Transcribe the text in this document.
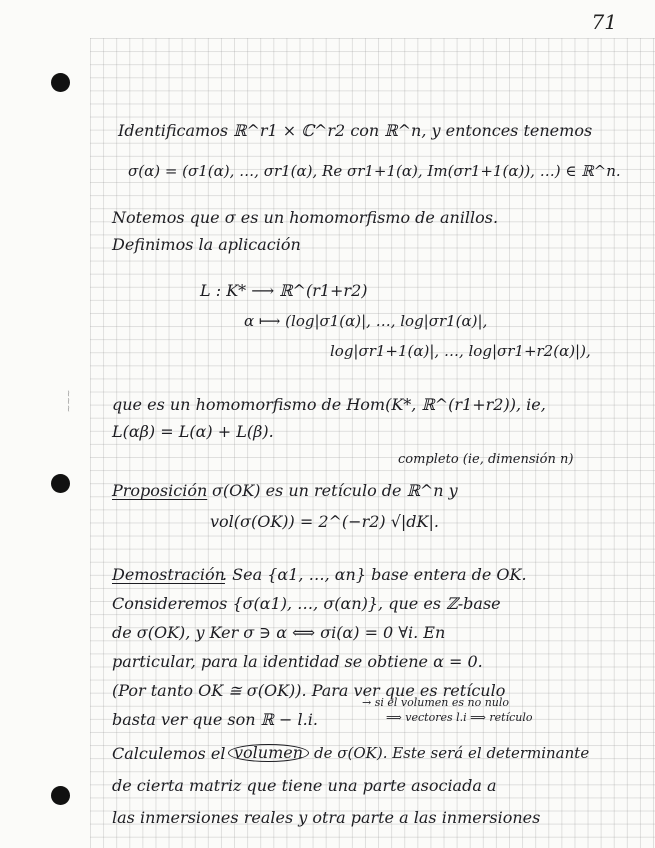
~~~
71
Identificamos ℝ^r1 × ℂ^r2 con ℝ^n, y entonces tenemos
σ(α) = (σ1(α), …, σr1(α), Re σr1+1(α), Im(σr1+1(α)), …) ∈ ℝ^n.
Notemos que σ es un homomorfismo de anillos.
Definimos la aplicación
L : K* ⟶ ℝ^(r1+r2)
α ⟼ (log|σ1(α)|, …, log|σr1(α)|,
log|σr1+1(α)|, …, log|σr1+r2(α)|),
que es un homomorfismo de Hom(K*, ℝ^(r1+r2)), ie,
L(αβ) = L(α) + L(β).
completo (ie, dimensión n)
Proposición σ(OK) es un retículo de ℝ^n y
vol(σ(OK)) = 2^(−r2) √|dK|.
Demostración
. Sea {α1, …, αn} base entera de OK.
Consideremos {σ(α1), …, σ(αn)}, que es ℤ-base
de σ(OK), y Ker σ ∋ α ⟺ σi(α) = 0 ∀i. En
particular, para la identidad se obtiene α = 0.
(Por tanto OK ≅ σ(OK)). Para ver que es retículo
basta ver que son ℝ − l.i.
→ si el volumen es no nulo
⟹ vectores l.i ⟹ retículo
Calculemos el volumen de σ(OK). Este será el determinante
de cierta matriz que tiene una parte asociada a
las inmersiones reales y otra parte a las inmersiones
